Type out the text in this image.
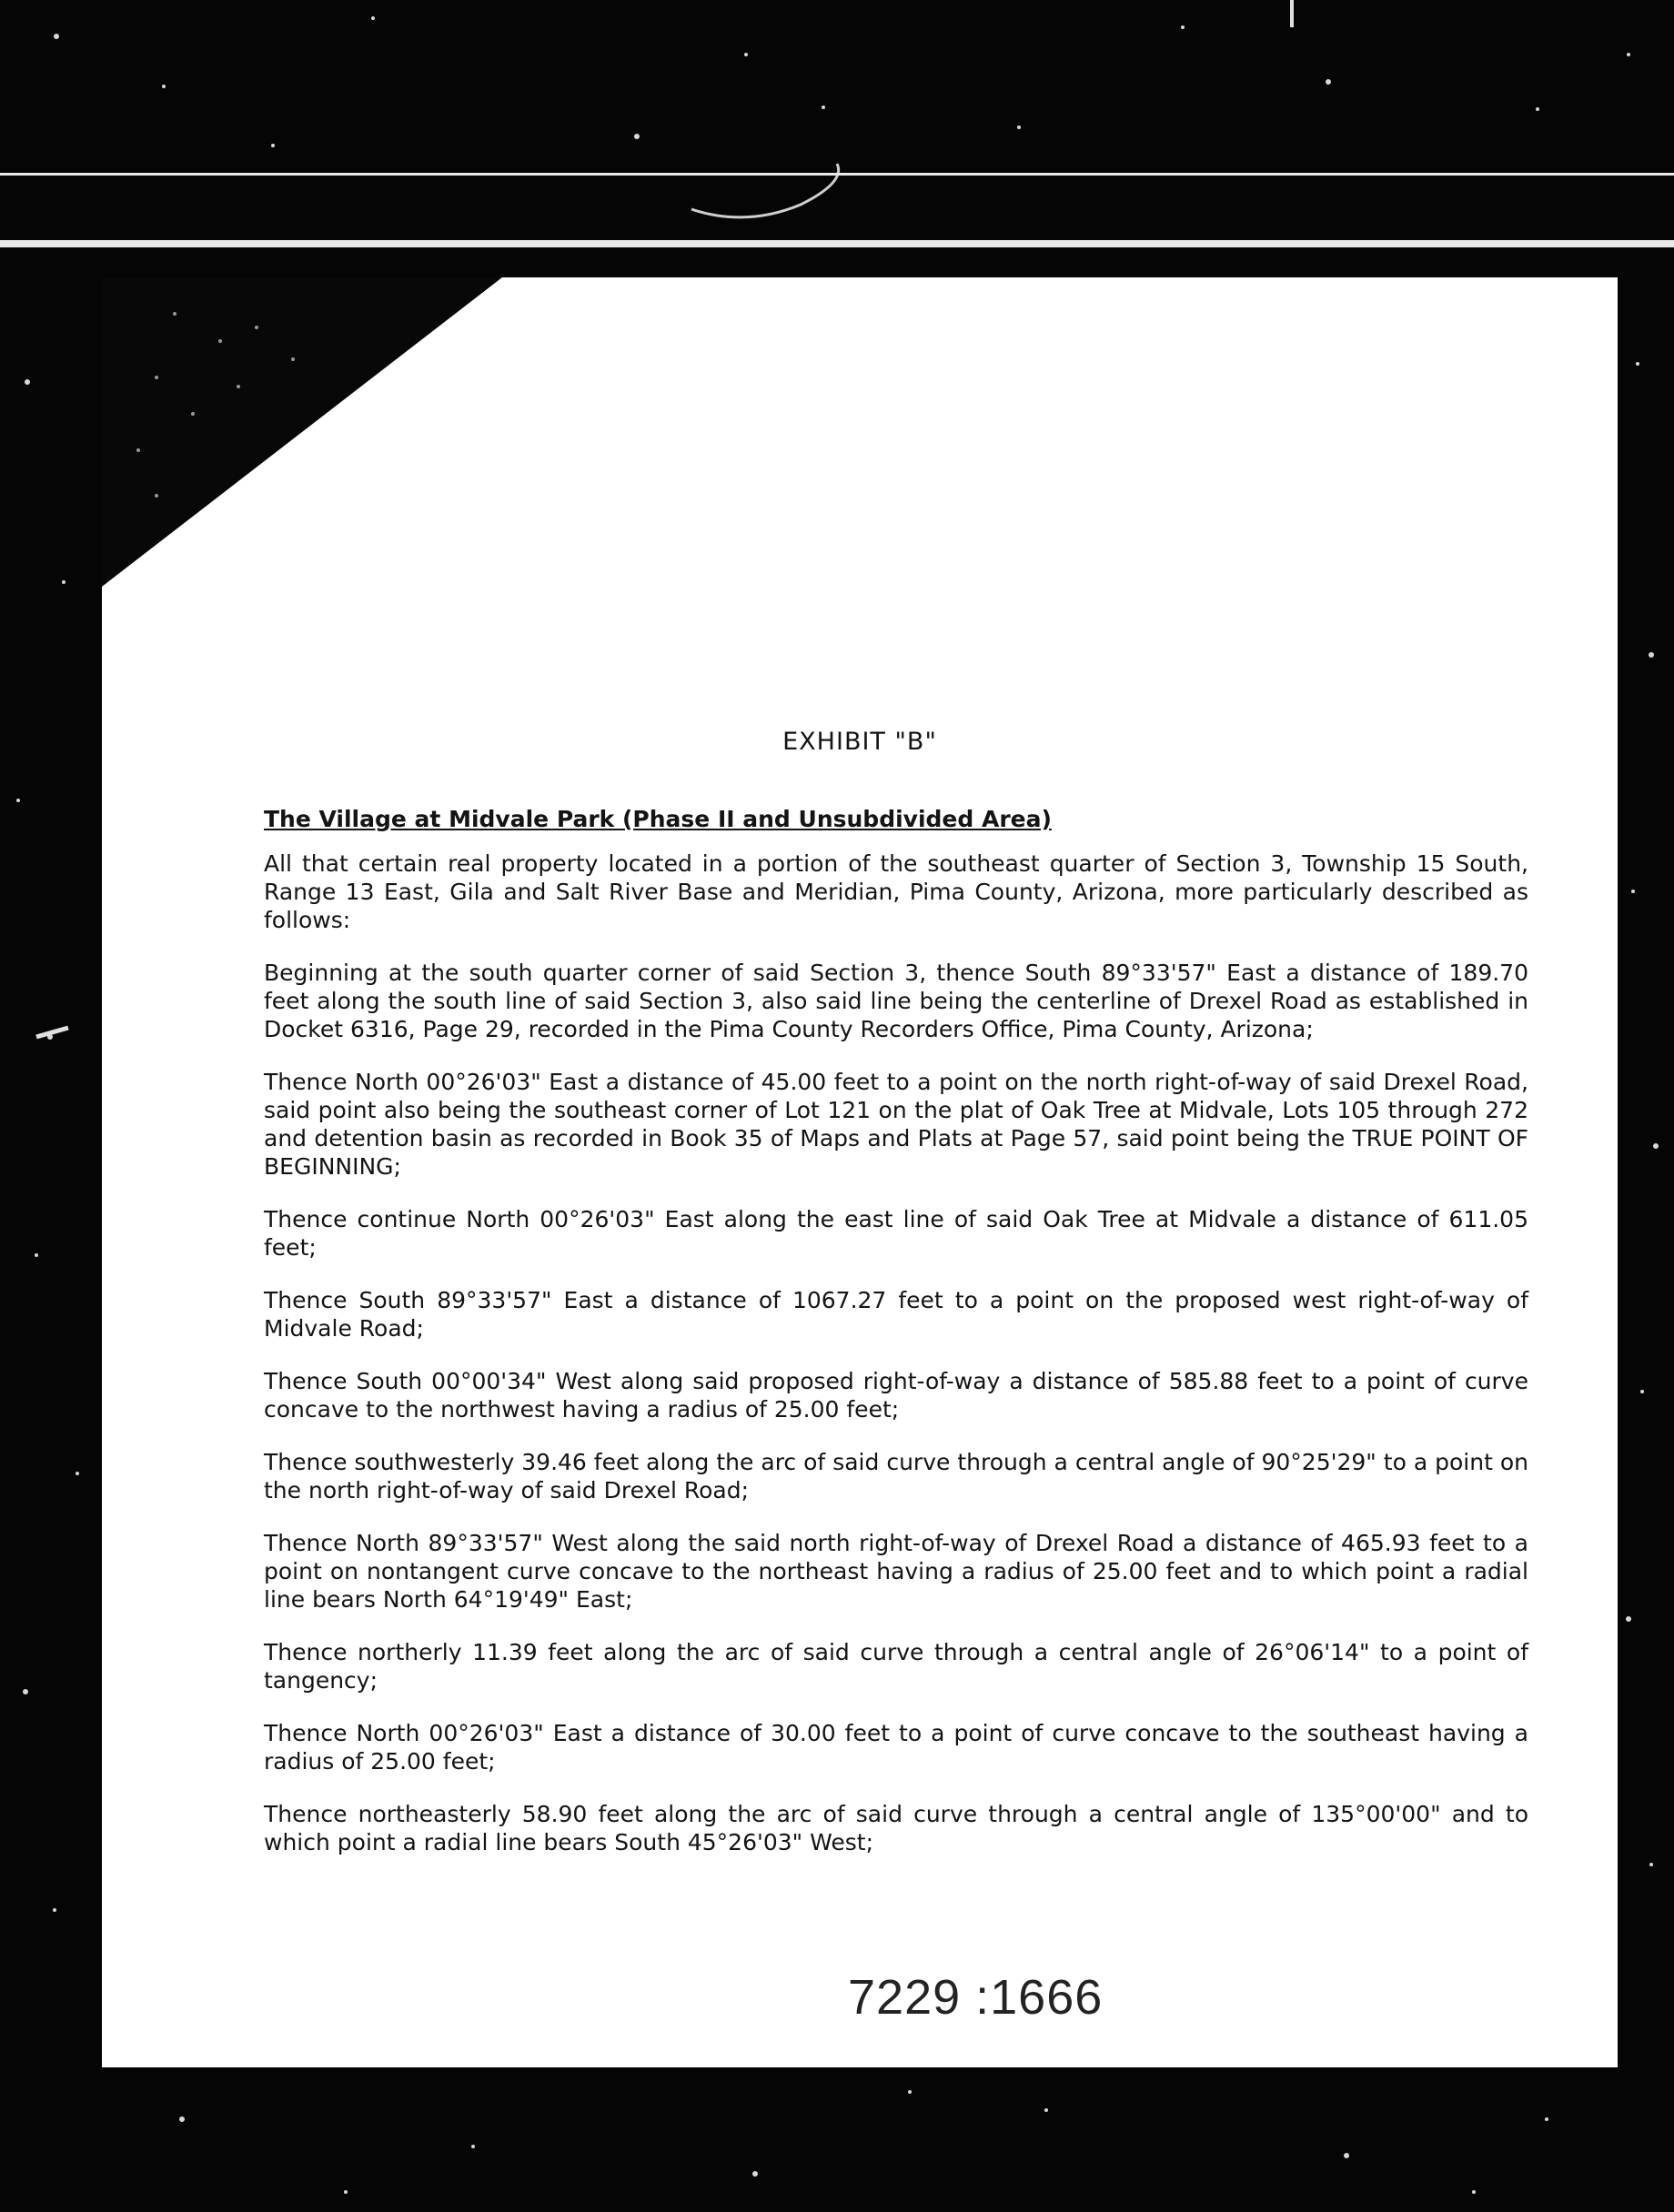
EXHIBIT "B"
The Village at Midvale Park (Phase II and Unsubdivided Area)

All that certain real property located in a portion of the southeast quarter of Section 3, Township 15 South, Range 13 East, Gila and Salt River Base and Meridian, Pima County, Arizona, more particularly described as follows:

Beginning at the south quarter corner of said Section 3, thence South 89°33'57" East a distance of 189.70 feet along the south line of said Section 3, also said line being the centerline of Drexel Road as established in Docket 6316, Page 29, recorded in the Pima County Recorders Office, Pima County, Arizona;

Thence North 00°26'03" East a distance of 45.00 feet to a point on the north right-of-way of said Drexel Road, said point also being the southeast corner of Lot 121 on the plat of Oak Tree at Midvale, Lots 105 through 272 and detention basin as recorded in Book 35 of Maps and Plats at Page 57, said point being the TRUE POINT OF BEGINNING;

Thence continue North 00°26'03" East along the east line of said Oak Tree at Midvale a distance of 611.05 feet;

Thence South 89°33'57" East a distance of 1067.27 feet to a point on the proposed west right-of-way of Midvale Road;

Thence South 00°00'34" West along said proposed right-of-way a distance of 585.88 feet to a point of curve concave to the northwest having a radius of 25.00 feet;

Thence southwesterly 39.46 feet along the arc of said curve through a central angle of 90°25'29" to a point on the north right-of-way of said Drexel Road;

Thence North 89°33'57" West along the said north right-of-way of Drexel Road a distance of 465.93 feet to a point on nontangent curve concave to the northeast having a radius of 25.00 feet and to which point a radial line bears North 64°19'49" East;

Thence northerly 11.39 feet along the arc of said curve through a central angle of 26°06'14" to a point of tangency;

Thence North 00°26'03" East a distance of 30.00 feet to a point of curve concave to the southeast having a radius of 25.00 feet;

Thence northeasterly 58.90 feet along the arc of said curve through a central angle of 135°00'00" and to which point a radial line bears South 45°26'03" West;

7229 :1666
